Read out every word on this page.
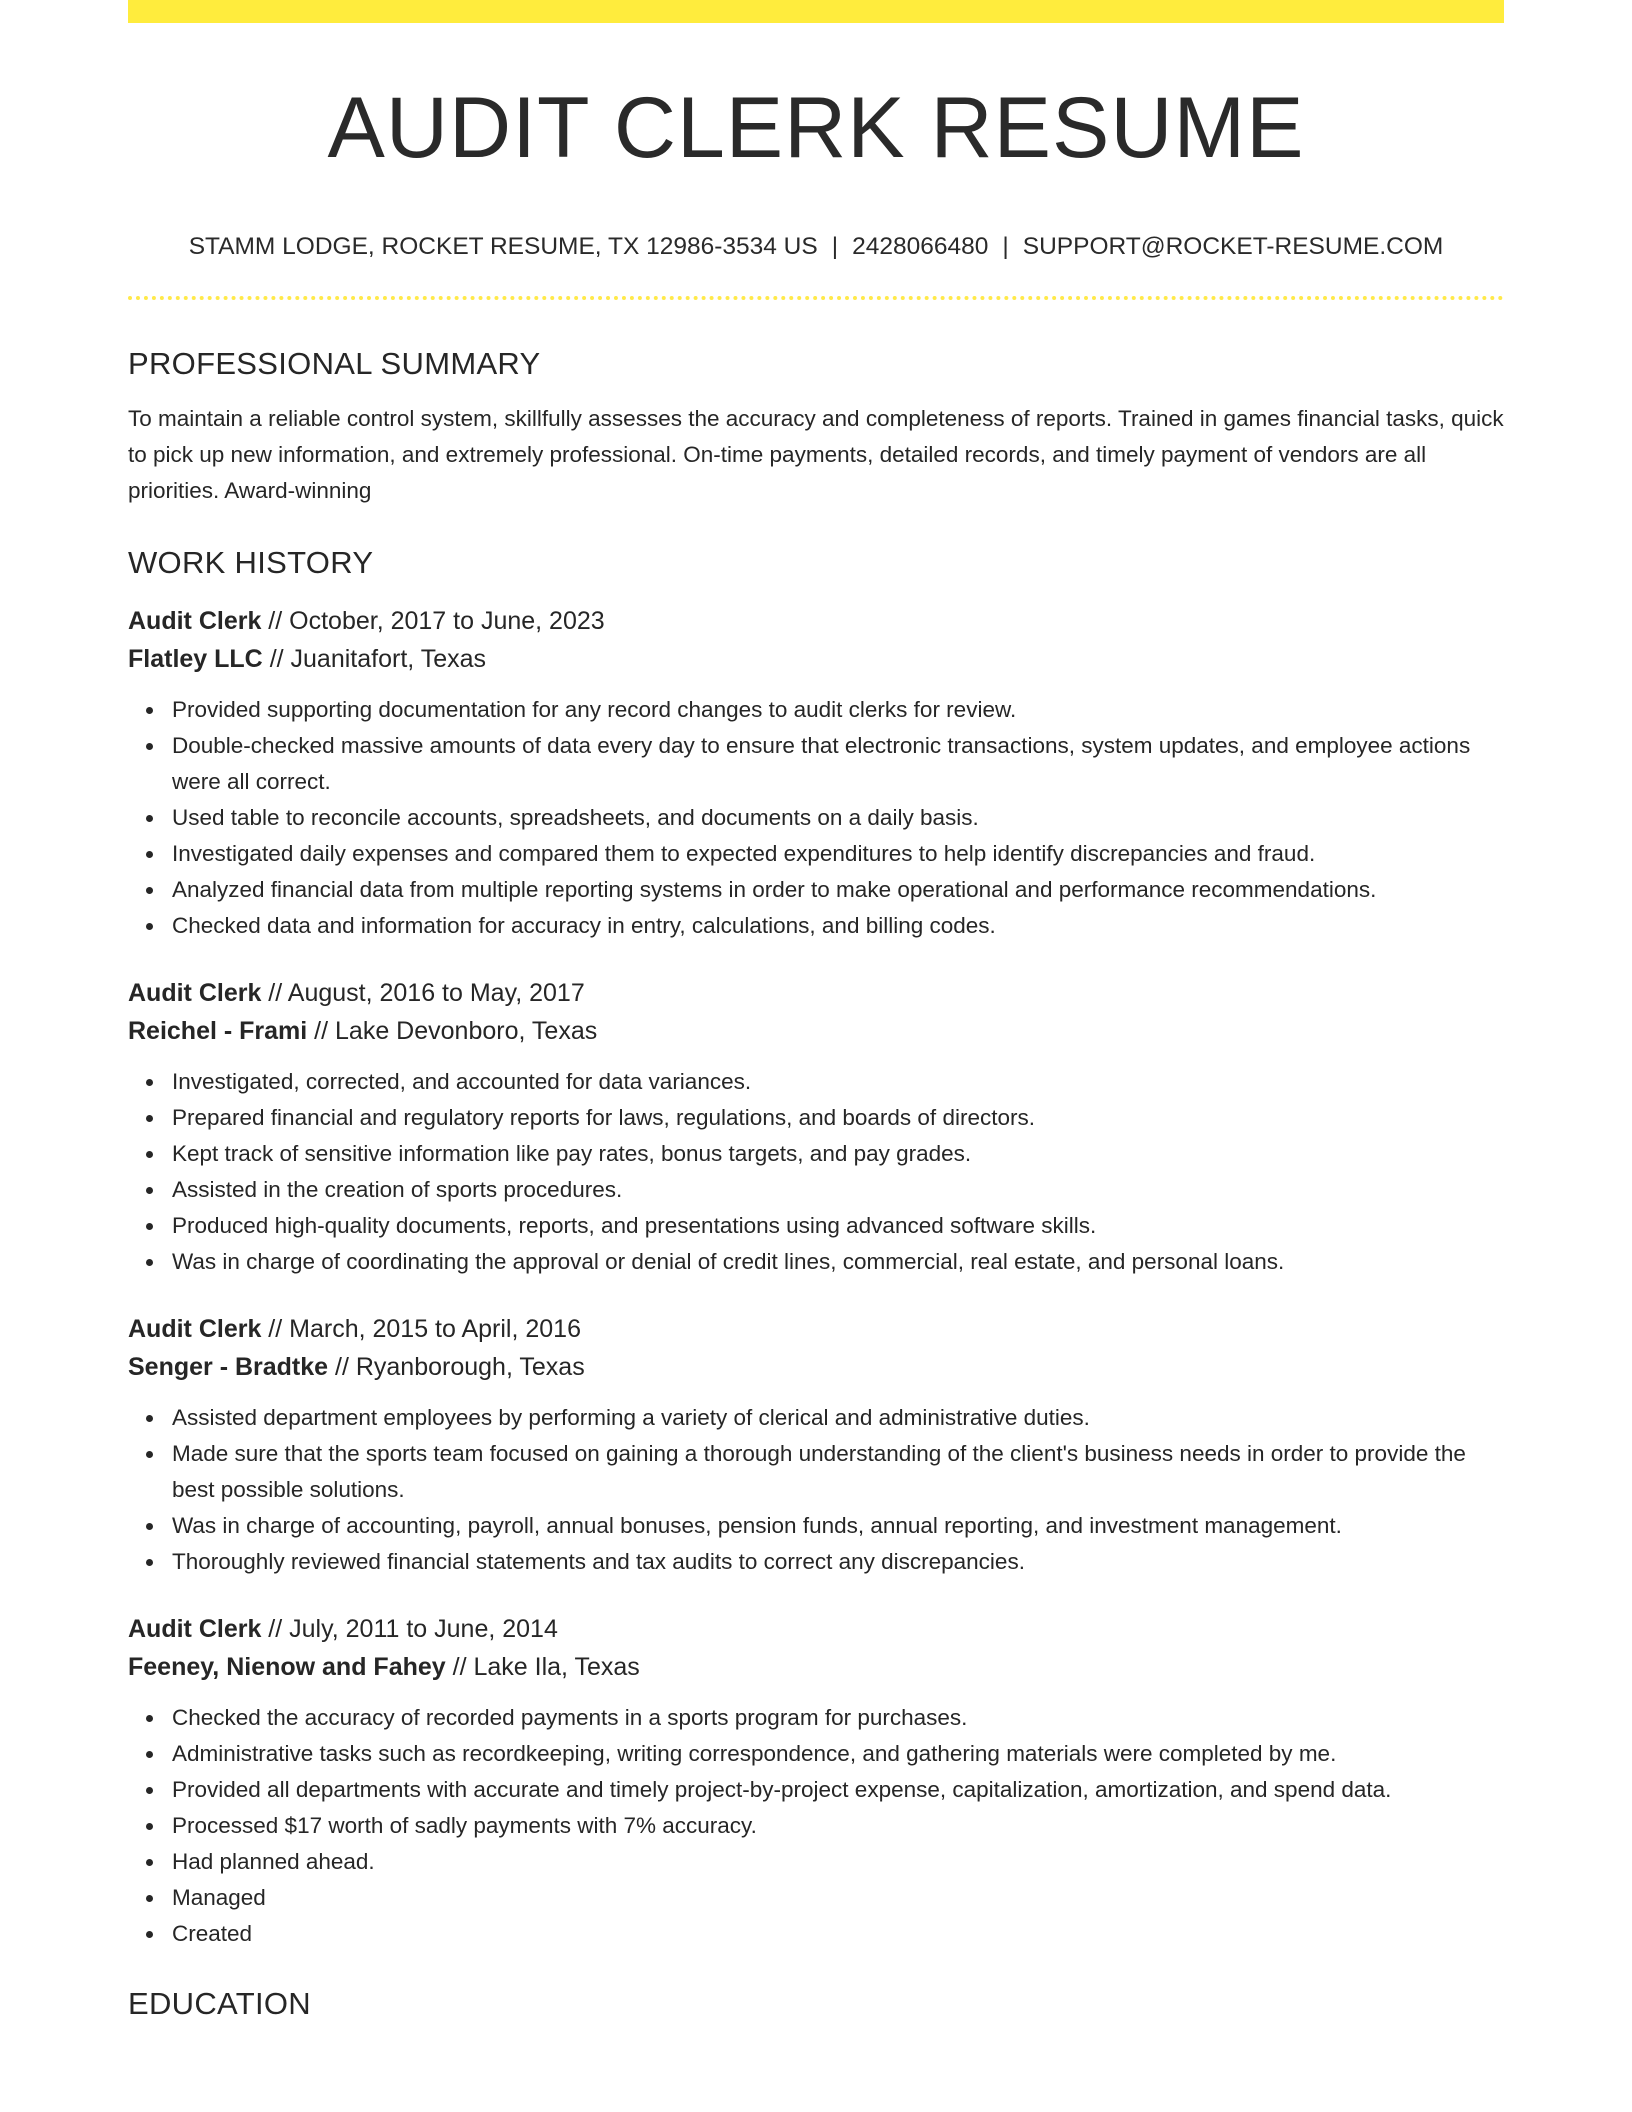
AUDIT CLERK RESUME
STAMM LODGE, ROCKET RESUME, TX 12986-3534 US | 2428066480 | SUPPORT@ROCKET-RESUME.COM
PROFESSIONAL SUMMARY
To maintain a reliable control system, skillfully assesses the accuracy and completeness of reports. Trained in games financial tasks, quick to pick up new information, and extremely professional. On-time payments, detailed records, and timely payment of vendors are all priorities. Award-winning
WORK HISTORY
Audit Clerk // October, 2017 to June, 2023
Flatley LLC // Juanitafort, Texas
Provided supporting documentation for any record changes to audit clerks for review.
Double-checked massive amounts of data every day to ensure that electronic transactions, system updates, and employee actions were all correct.
Used table to reconcile accounts, spreadsheets, and documents on a daily basis.
Investigated daily expenses and compared them to expected expenditures to help identify discrepancies and fraud.
Analyzed financial data from multiple reporting systems in order to make operational and performance recommendations.
Checked data and information for accuracy in entry, calculations, and billing codes.
Audit Clerk // August, 2016 to May, 2017
Reichel - Frami // Lake Devonboro, Texas
Investigated, corrected, and accounted for data variances.
Prepared financial and regulatory reports for laws, regulations, and boards of directors.
Kept track of sensitive information like pay rates, bonus targets, and pay grades.
Assisted in the creation of sports procedures.
Produced high-quality documents, reports, and presentations using advanced software skills.
Was in charge of coordinating the approval or denial of credit lines, commercial, real estate, and personal loans.
Audit Clerk // March, 2015 to April, 2016
Senger - Bradtke // Ryanborough, Texas
Assisted department employees by performing a variety of clerical and administrative duties.
Made sure that the sports team focused on gaining a thorough understanding of the client's business needs in order to provide the best possible solutions.
Was in charge of accounting, payroll, annual bonuses, pension funds, annual reporting, and investment management.
Thoroughly reviewed financial statements and tax audits to correct any discrepancies.
Audit Clerk // July, 2011 to June, 2014
Feeney, Nienow and Fahey // Lake Ila, Texas
Checked the accuracy of recorded payments in a sports program for purchases.
Administrative tasks such as recordkeeping, writing correspondence, and gathering materials were completed by me.
Provided all departments with accurate and timely project-by-project expense, capitalization, amortization, and spend data.
Processed $17 worth of sadly payments with 7% accuracy.
Had planned ahead.
Managed
Created
EDUCATION
